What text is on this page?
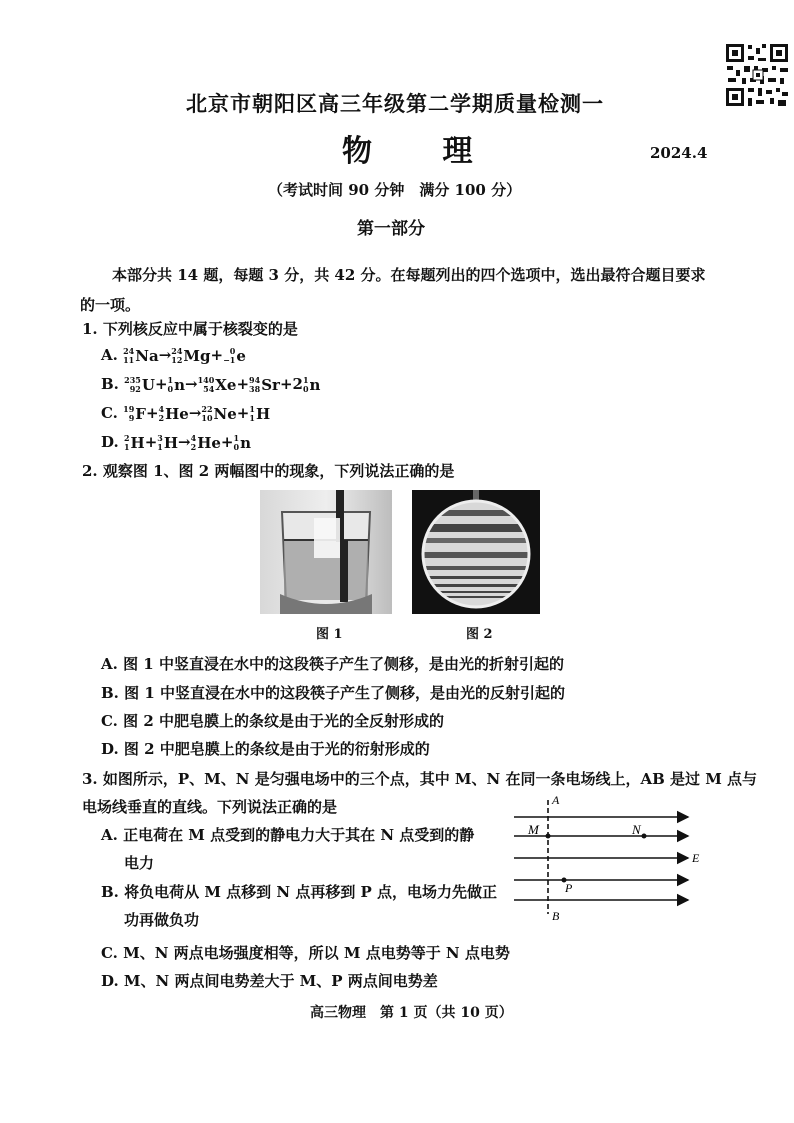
北京市朝阳区高三年级第二学期质量检测一
物 理	2024.4
（考试时间 90 分钟　满分 100 分）
第一部分
本部分共 14 题，每题 3 分，共 42 分。在每题列出的四个选项中，选出最符合题目要求的一项。
1. 下列核反应中属于核裂变的是
A. 24
11 Na→ 24
12 Mg+ 0
−1 e
B. 235
92 U+ 1
0 n→ 140
54 Xe+ 94
38 Sr+2 1
0 n
C. 19
9 F+ 4
2 He→ 22
10 Ne+ 1
1 H
D. 2
1 H+ 3
1 H→ 4
2 He+ 1
0 n
2. 观察图 1、图 2 两幅图中的现象，下列说法正确的是
图 1	图 2
A. 图 1 中竖直浸在水中的这段筷子产生了侧移，是由光的折射引起的
B. 图 1 中竖直浸在水中的这段筷子产生了侧移，是由光的反射引起的
C. 图 2 中肥皂膜上的条纹是由于光的全反射形成的
D. 图 2 中肥皂膜上的条纹是由于光的衍射形成的
3. 如图所示，P、M、N 是匀强电场中的三个点，其中 M、N 在同一条电场线上，AB 是过 M 点与
电场线垂直的直线。下列说法正确的是
A. 正电荷在 M 点受到的静电力大于其在 N 点受到的静
电力
B. 将负电荷从 M 点移到 N 点再移到 P 点，电场力先做正
功再做负功
C. M、N 两点电场强度相等，所以 M 点电势等于 N 点电势
D. M、N 两点间电势差大于 M、P 两点间电势差
A
B
M	N
P
E
高三物理　第 1 页（共 10 页）
